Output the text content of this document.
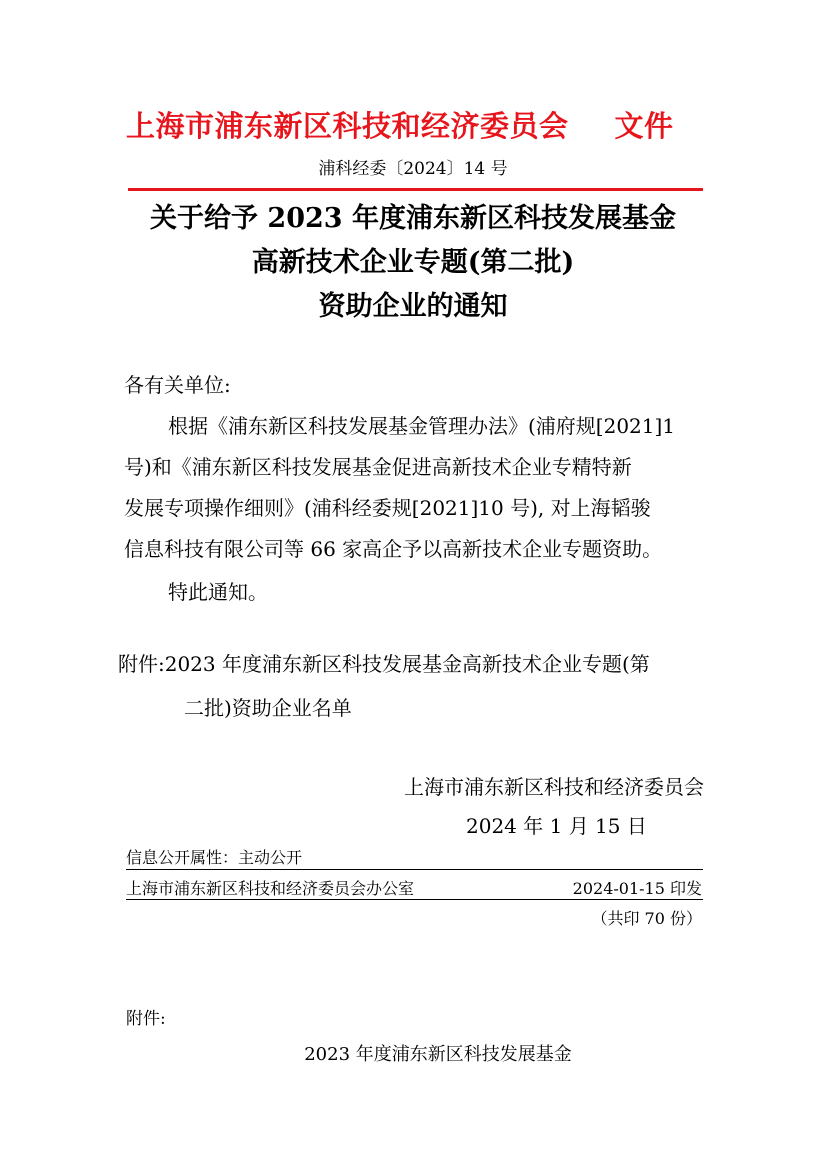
上海市浦东新区科技和经济委员会 文件
浦科经委〔2024〕14 号
关于给予 2023 年度浦东新区科技发展基金
高新技术企业专题(第二批)
资助企业的通知
各有关单位:
根据《浦东新区科技发展基金管理办法》(浦府规[2021]1
号)和《浦东新区科技发展基金促进高新技术企业专精特新
发展专项操作细则》(浦科经委规[2021]10 号), 对上海韬骏
信息科技有限公司等 66 家高企予以高新技术企业专题资助。
特此通知。
附件:2023 年度浦东新区科技发展基金高新技术企业专题(第
二批)资助企业名单
上海市浦东新区科技和经济委员会
2024 年 1 月 15 日
信息公开属性：主动公开
上海市浦东新区科技和经济委员会办公室	2024-01-15 印发
（共印 70 份）
附件:
2023 年度浦东新区科技发展基金
